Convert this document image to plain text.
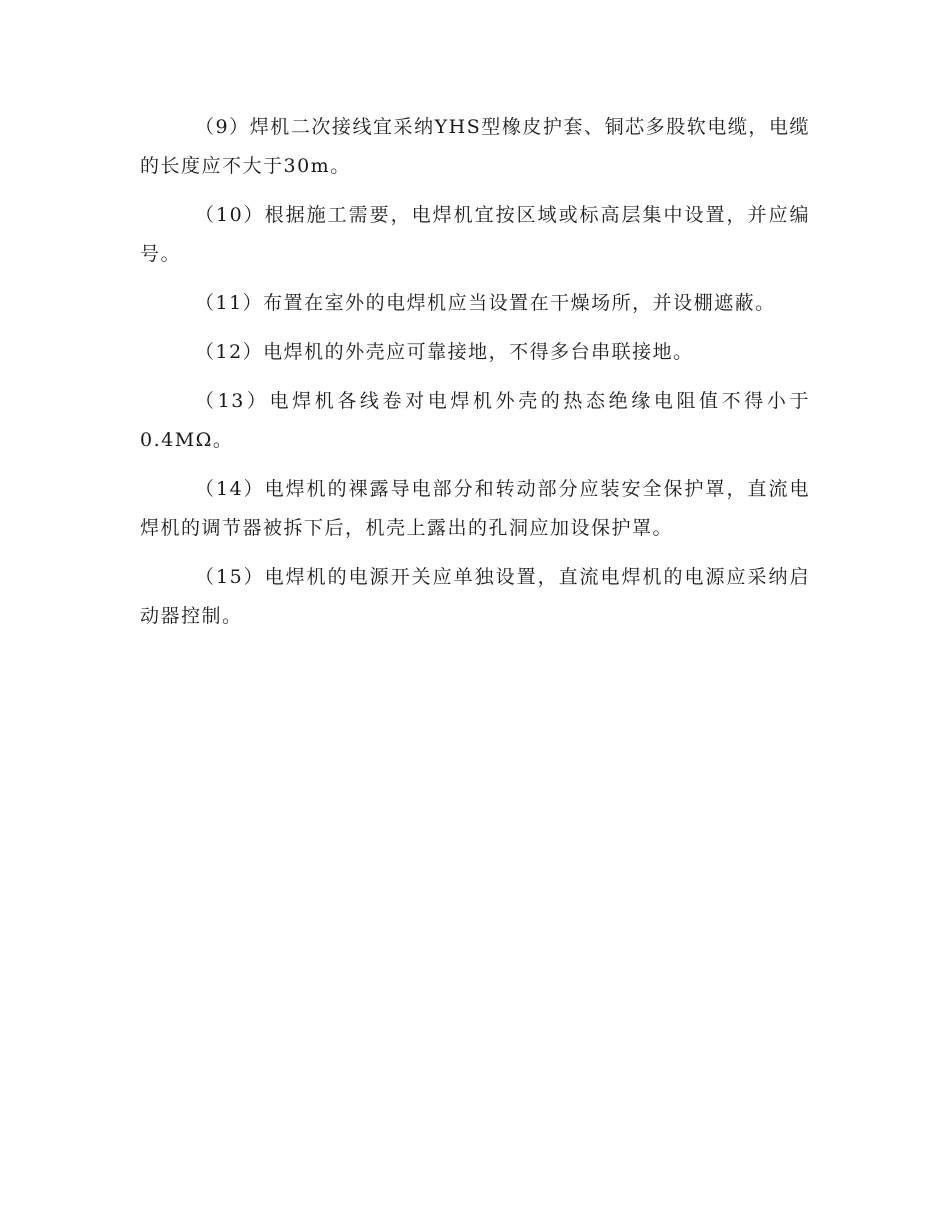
（9）焊机二次接线宜采纳YHS型橡皮护套、铜芯多股软电缆，电缆的长度应不大于30m。

（10）根据施工需要，电焊机宜按区域或标高层集中设置，并应编号。

（11）布置在室外的电焊机应当设置在干燥场所，并设棚遮蔽。

（12）电焊机的外壳应可靠接地，不得多台串联接地。

（13）电焊机各线卷对电焊机外壳的热态绝缘电阻值不得小于0.4MΩ。

（14）电焊机的裸露导电部分和转动部分应装安全保护罩，直流电焊机的调节器被拆下后，机壳上露出的孔洞应加设保护罩。

（15）电焊机的电源开关应单独设置，直流电焊机的电源应采纳启动器控制。
